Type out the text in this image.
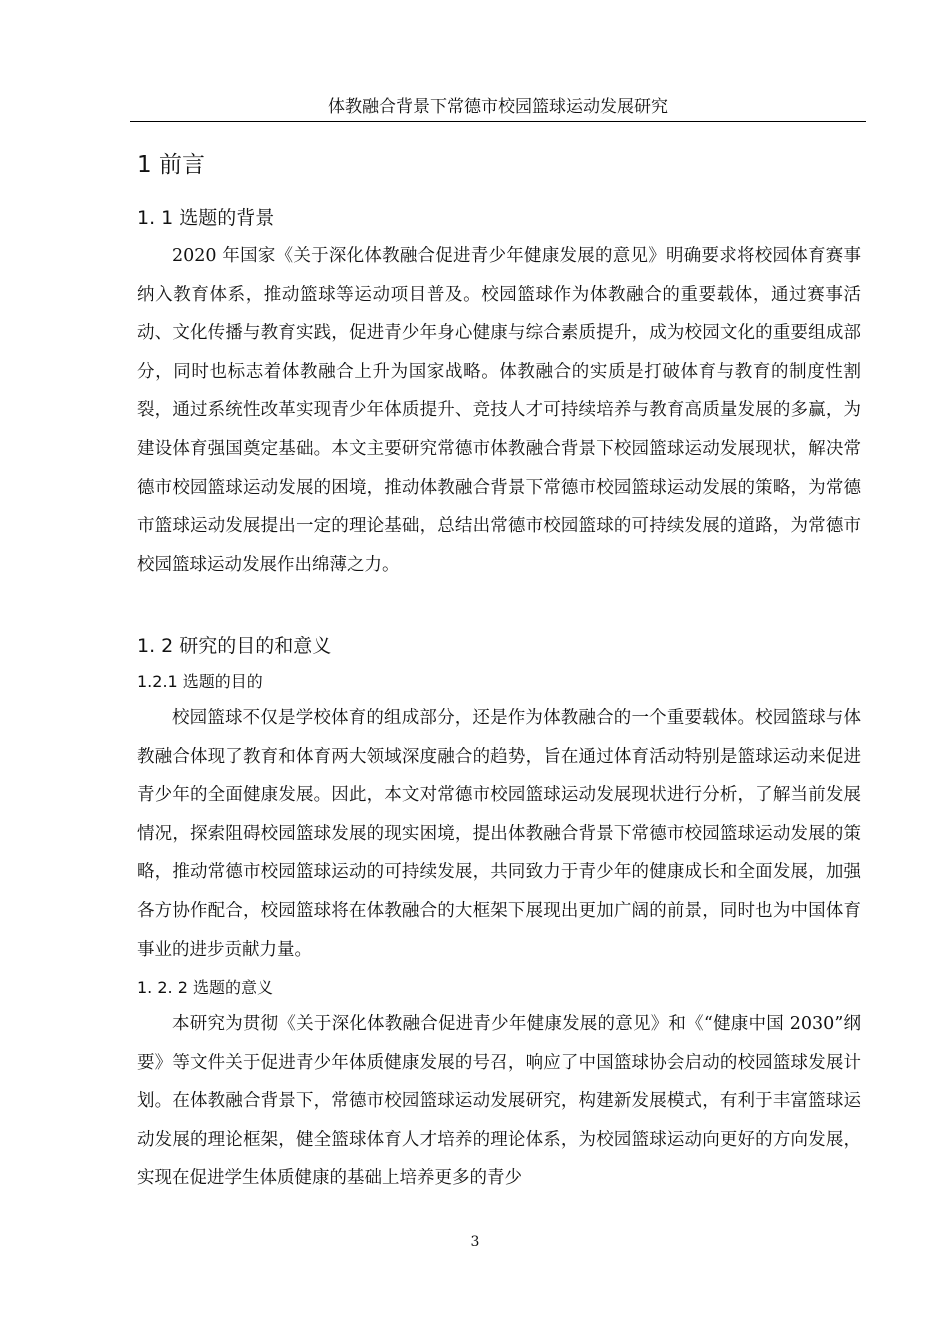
体教融合背景下常德市校园篮球运动发展研究
1 前言
1. 1 选题的背景

2020 年国家《关于深化体教融合促进青少年健康发展的意见》明确要求将校园体育赛事纳入教育体系，推动篮球等运动项目普及。校园篮球作为体教融合的重要载体，通过赛事活动、文化传播与教育实践，促进青少年身心健康与综合素质提升，成为校园文化的重要组成部分，同时也标志着体教融合上升为国家战略。体教融合的实质是打破体育与教育的制度性割裂，通过系统性改革实现青少年体质提升、竞技人才可持续培养与教育高质量发展的多赢，为建设体育强国奠定基础。本文主要研究常德市体教融合背景下校园篮球运动发展现状，解决常德市校园篮球运动发展的困境，推动体教融合背景下常德市校园篮球运动发展的策略，为常德市篮球运动发展提出一定的理论基础，总结出常德市校园篮球的可持续发展的道路，为常德市校园篮球运动发展作出绵薄之力。

1. 2 研究的目的和意义
1.2.1 选题的目的

校园篮球不仅是学校体育的组成部分，还是作为体教融合的一个重要载体。校园篮球与体教融合体现了教育和体育两大领域深度融合的趋势，旨在通过体育活动特别是篮球运动来促进青少年的全面健康发展。因此，本文对常德市校园篮球运动发展现状进行分析，了解当前发展情况，探索阻碍校园篮球发展的现实困境，提出体教融合背景下常德市校园篮球运动发展的策略，推动常德市校园篮球运动的可持续发展，共同致力于青少年的健康成长和全面发展，加强各方协作配合，校园篮球将在体教融合的大框架下展现出更加广阔的前景，同时也为中国体育事业的进步贡献力量。

1. 2. 2 选题的意义

本研究为贯彻《关于深化体教融合促进青少年健康发展的意见》和《“健康中国 2030”纲要》等文件关于促进青少年体质健康发展的号召，响应了中国篮球协会启动的校园篮球发展计划。在体教融合背景下，常德市校园篮球运动发展研究，构建新发展模式，有利于丰富篮球运动发展的理论框架，健全篮球体育人才培养的理论体系，为校园篮球运动向更好的方向发展，实现在促进学生体质健康的基础上培养更多的青少

3
